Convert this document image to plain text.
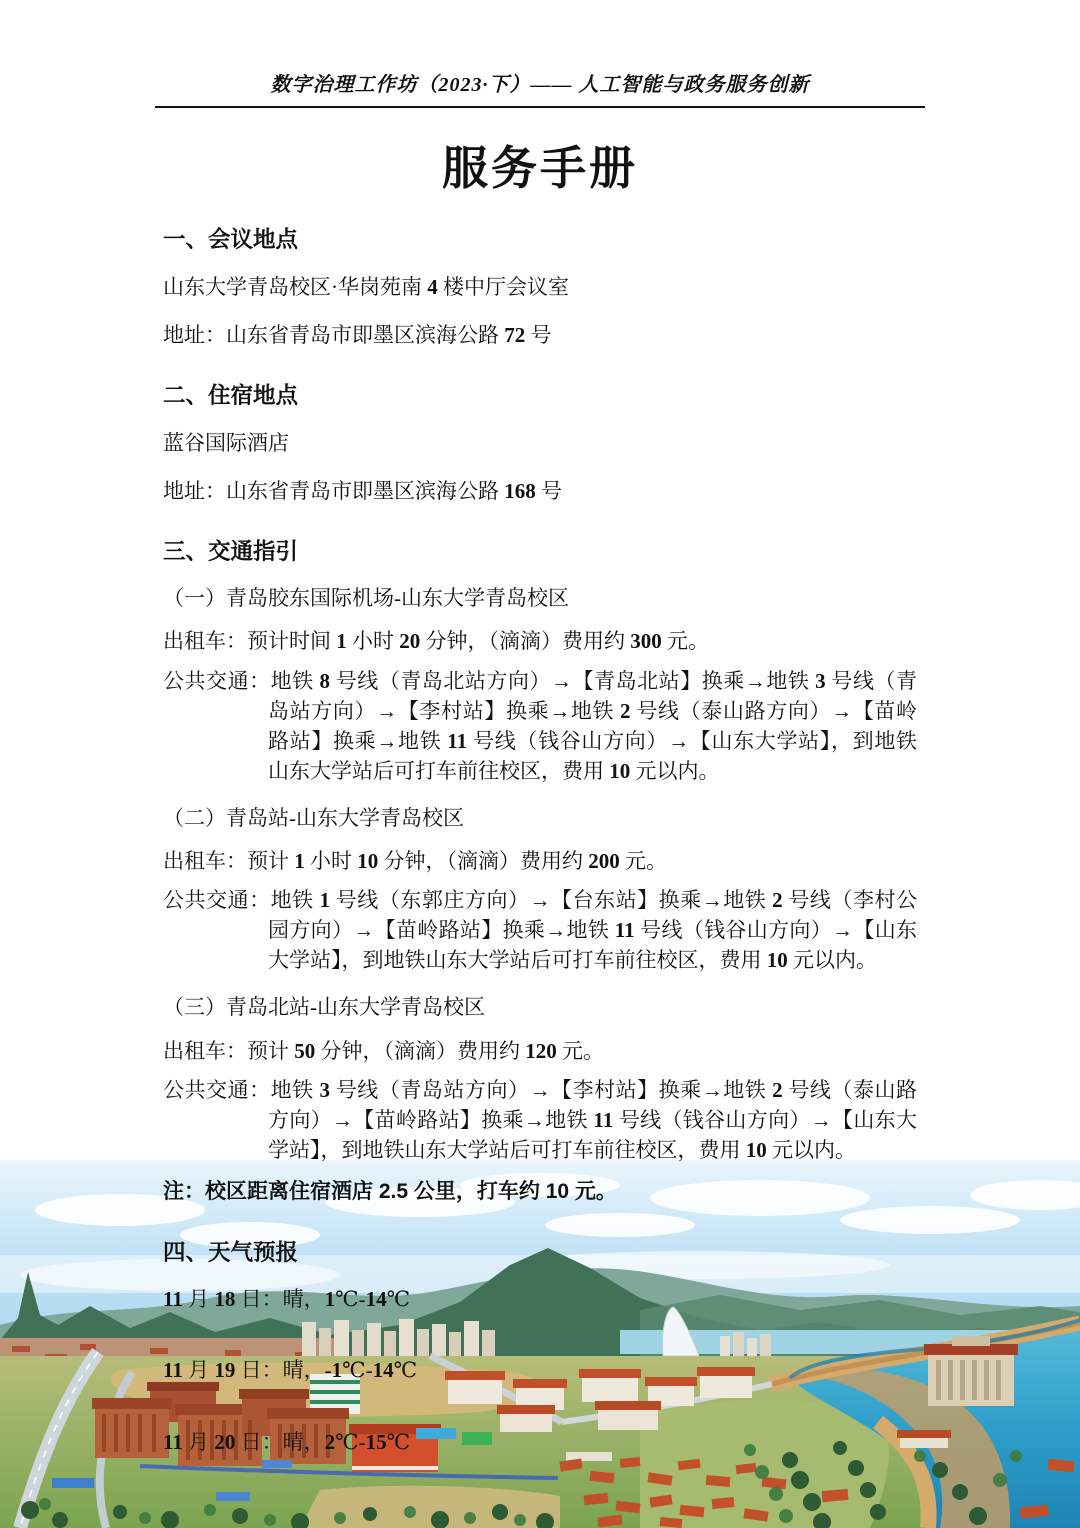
数字治理工作坊（2023·下）—— 人工智能与政务服务创新
服务手册
一、会议地点

山东大学青岛校区·华岗苑南 4 楼中厅会议室

地址：山东省青岛市即墨区滨海公路 72 号

二、住宿地点

蓝谷国际酒店

地址：山东省青岛市即墨区滨海公路 168 号

三、交通指引

（一）青岛胶东国际机场-山东大学青岛校区

出租车：预计时间 1 小时 20 分钟，（滴滴）费用约 300 元。

公共交通：地铁 8 号线（青岛北站方向）→【青岛北站】换乘→地铁 3 号线（青岛站方向）→【李村站】换乘→地铁 2 号线（泰山路方向）→【苗岭路站】换乘→地铁 11 号线（钱谷山方向）→【山东大学站】，到地铁山东大学站后可打车前往校区，费用 10 元以内。

（二）青岛站-山东大学青岛校区

出租车：预计 1 小时 10 分钟，（滴滴）费用约 200 元。

公共交通：地铁 1 号线（东郭庄方向）→【台东站】换乘→地铁 2 号线（李村公园方向）→【苗岭路站】换乘→地铁 11 号线（钱谷山方向）→【山东大学站】，到地铁山东大学站后可打车前往校区，费用 10 元以内。

（三）青岛北站-山东大学青岛校区

出租车：预计 50 分钟，（滴滴）费用约 120 元。

公共交通：地铁 3 号线（青岛站方向）→【李村站】换乘→地铁 2 号线（泰山路方向）→【苗岭路站】换乘→地铁 11 号线（钱谷山方向）→【山东大学站】，到地铁山东大学站后可打车前往校区，费用 10 元以内。

注：校区距离住宿酒店 2.5 公里，打车约 10 元。

四、天气预报

11 月 18 日：晴，1℃-14℃

11 月 19 日：晴，-1℃-14℃

11 月 20 日：晴，2℃-15℃
